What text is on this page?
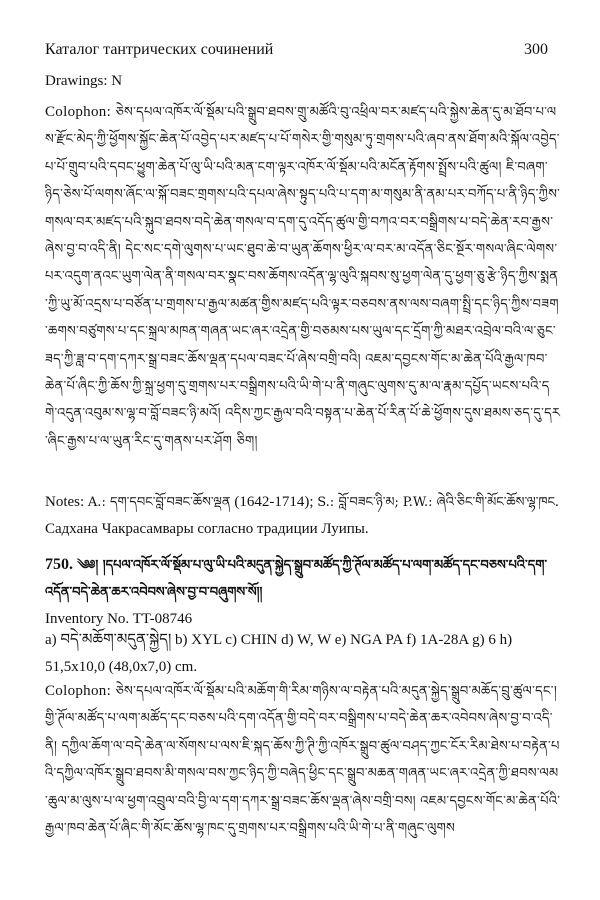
Каталог тантрических сочинений	300
Drawings: N
Colophon: ཅེས་དཔལ་འཁོར་ལོ་སྡོམ་པའི་སྒྲུབ་ཐབས་གྲུ་མཚོའི་བུ་འཕྲིལ་བར་མཛད་པའི་སྐྱེས་ཆེན་དུ་མ་ཐོབ་པ་ལས་རྫོང་མེད་ཀྱི་ཕྱོགས་སྐྱོང་ཆེན་པོ་འབྱེད་པར་མཛད་པ་པོ་གསེར་གྱི་གསུམ་ཏུ་གྲགས་པའི་ཞབ་ནས་ཐོག་མའི་སྐོལ་འབྱེད་པ་པོ་གྲུབ་པའི་དབང་ཕྱུག་ཆེན་པོ་ལུ་ཡི་པའི་མན་ངག་ལྟར་འཁོར་ལོ་སྡོམ་པའི་མངོན་རྟོགས་སྤྲོས་པའི་ཚུལ། ཇི་བཞག་ཉིད་ཅེས་པོ་ལགས་ཞོང་ལ་སྐོ་བཟང་གྲགས་པའི་དཔལ་ཞེས་སྟུད་པའི་པ་དག་མ་གསུམ་ནི་ནམ་པར་བཀོད་པ་ནི་ཉིད་ཀྱིས་གསལ་བར་མཛད་པའི་སྐུབ་ཐབས་བདེ་ཆེན་གསལ་བ་དག་དུ་འདོད་ཚུལ་གྱི་བཀའ་བར་བསྒྲིགས་པ་བདེ་ཆེན་རབ་རྒྱས་ཞེས་བྱ་བ་འདི་ནི། དེང་སང་དགེ་ལུགས་པ་ཡང་ཐུབ་ཆེ་བ་ཡུན་ཆོགས་ཕྱིར་ལ་བར་མ་འདོན་ཅིང་སྔོར་གསལ་ཞིང་ལེགས་པར་འདུག་ནའང་ཡུག་ལེན་ནི་གསལ་བར་སྣང་བས་ཆོགས་འདོན་ལྷ་ལུའི་སྐབས་སུ་ཕྱག་ལེན་དུ་ཕྱག་ཅུ་རྩེ་ཉིད་ཀྱིས་སྨན་ཀྱི་ཡུ་མོ་འདྲས་པ་བཙོན་པ་གྲགས་པ་རྒྱལ་མཚན་གྱིས་མཛད་པའི་ལྟར་བཅབས་ནས་ལས་བཞག་སྤྲི་དང་ཉིད་ཀྱིས་བཟག་ཆགས་བཙུགས་པ་དང་སྐྲལ་མཁན་གཞན་ཡང་ཞར་འདྲེན་གྱི་བཅམས་པས་ཡུལ་དང་དྲོག་ཀྱི་མཐར་འབྲེལ་བའི་ལ་ཅུང་ཟད་ཀྱི་ཟླ་བ་དག་དཀར་སྒྲ་བཟང་ཆོས་ལྡན་དཔལ་བཟང་པོ་ཞེས་བགྲི་བའི། འཇམ་དབྱངས་གོང་མ་ཆེན་པོའི་རྒྱལ་ཁབ་ཆེན་པོ་ཞིང་ཀྱི་ཆོས་ཀྱི་སྐྲ་ཕྱག་དུ་གྲགས་པར་བསྒྲིགས་པའི་ཡི་གེ་པ་ནི་གཞུང་ལུགས་དུ་མ་ལ་རྣམ་དཔྱོད་ཡངས་པའི་དགེ་འདུན་འབུམ་ས་ལྷ་བ་བློ་བཟང་ཉི་མའོ། འདིས་ཀྱང་རྒྱལ་བའི་བསྟན་པ་ཆེན་པོ་རིན་པོ་ཆེ་ཕྱོགས་དུས་ཐམས་ཅད་དུ་དར་ཞིང་རྒྱས་པ་ལ་ཡུན་རིང་དུ་གནས་པར་ཤོག ཅིག།
Notes: A.: དག་དབང་བློ་བཟང་ཆོས་ལྡན (1642-1714); S.: བློ་བཟང་ཉི་མ; P.W.: ཞེའི་ཅིང་གི་མོང་ཆོས་ལྷ་ཁང. Садхана Чакрасамвары согласно традиции Луипы.
750. ༄༅། །དཔལ་འཁོར་ལོ་སྡོམ་པ་ལུ་ཡི་པའི་མདུན་སྐྱེད་སྒྲུབ་མཚོད་ཀྱི་ཊོལ་མཚོད་པ་ལག་མཚོད་དང་བཅས་པའི་དག་འདོན་བདེ་ཆེན་ཆར་འབེབས་ཞེས་བྱ་བ་བཞུགས་སོ།།
Inventory No. TT-08746
a) བདེ་མཆོག་མདུན་སྐྱེད། b) XYL c) CHIN d) W, W e) NGA PA f) 1A-28A g) 6 h)
51,5x10,0 (48,0x7,0) cm.
Colophon: ཅེས་དཔལ་འཁོར་ལོ་སྡོམ་པའི་མཆོག་གི་རིམ་གཉིས་ལ་བརྟེན་པའི་མདུན་སྐྱེད་སྒྲུབ་མཆོད་བྲུ་ཚུལ་དང་། གྱི་ཊོལ་མཚོད་པ་ལག་མཚོད་དང་བཅས་པའི་དག་འདོན་གྱི་བདེ་བར་བསྒྲིགས་པ་བདེ་ཆེན་ཆར་འབེབས་ཞེས་བྱ་བ་འདི་ནི། དཀྱིལ་ཆོག་ལ་བདེ་ཆེན་ལ་སོགས་པ་ལས་ཇི་སྐད་ཆོས་ཀྱི་ཊི་ཀྱི་འཁོར་སྒྲུབ་ཚུལ་བཤད་ཀྱང་ངོར་རིམ་ཐེས་པ་བརྟེན་པའི་དཀྱིལ་འཁོར་སྒྲུབ་ཐབས་མི་གསལ་བས་ཀྱང་ཉིད་ཀྱི་བཞེད་ཕྱིང་དང་སྒྲུབ་མཆན་གཞན་ཡང་ཞར་འདྲེན་ཀྱི་ཐབས་ལམ་ཆུལ་མ་ལུས་པ་ལ་ཕྱག་འབྲུལ་བའི་བྱི་ལ་དག་དཀར་སྒྲ་བཟང་ཆོས་ལྡན་ཞེས་བགྲི་བས། འཇམ་དབྱངས་གོང་མ་ཆེན་པོའི་རྒྱལ་ཁབ་ཆེན་པོ་ཞིང་གི་མོང་ཆོས་ལྷ་ཁང་དུ་གྲགས་པར་བསྒྲིགས་པའི་ཡི་གེ་པ་ནི་གཞུང་ལུགས
